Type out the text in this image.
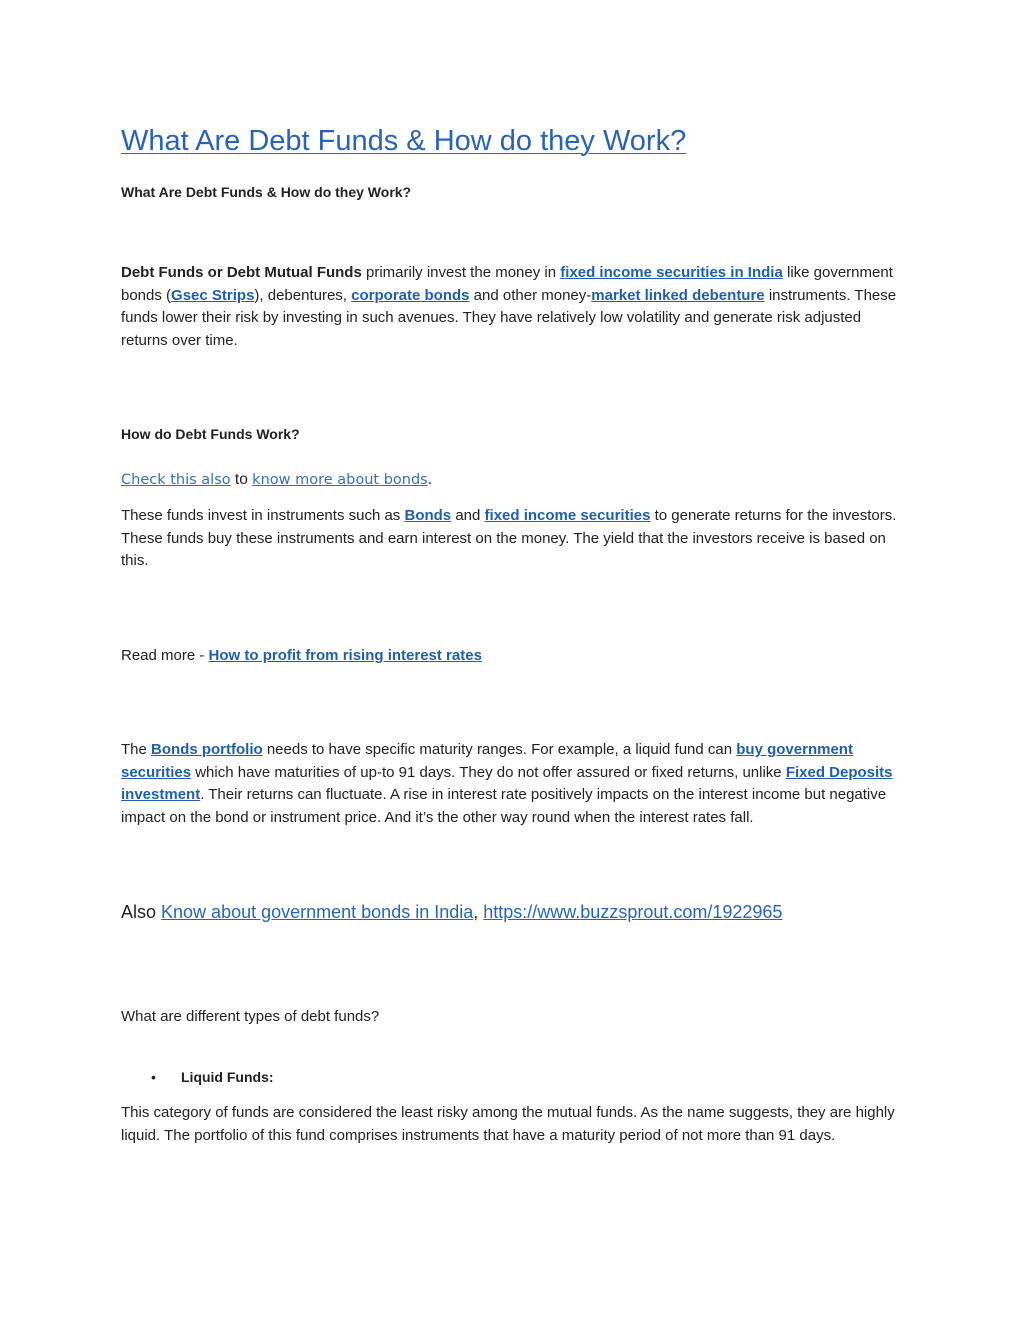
What Are Debt Funds & How do they Work?
What Are Debt Funds & How do they Work?

Debt Funds or Debt Mutual Funds primarily invest the money in fixed income securities in India like government bonds (Gsec Strips), debentures, corporate bonds and other money-market linked debenture instruments. These funds lower their risk by investing in such avenues. They have relatively low volatility and generate risk adjusted returns over time.

How do Debt Funds Work?
Check this also to know more about bonds.

These funds invest in instruments such as Bonds and fixed income securities to generate returns for the investors. These funds buy these instruments and earn interest on the money. The yield that the investors receive is based on this.

Read more - How to profit from rising interest rates

The Bonds portfolio needs to have specific maturity ranges. For example, a liquid fund can buy government securities which have maturities of up-to 91 days. They do not offer assured or fixed returns, unlike Fixed Deposits investment. Their returns can fluctuate. A rise in interest rate positively impacts on the interest income but negative impact on the bond or instrument price. And it’s the other way round when the interest rates fall.

Also Know about government bonds in India, https://www.buzzsprout.com/1922965

What are different types of debt funds?

• Liquid Funds:

This category of funds are considered the least risky among the mutual funds. As the name suggests, they are highly liquid. The portfolio of this fund comprises instruments that have a maturity period of not more than 91 days.
